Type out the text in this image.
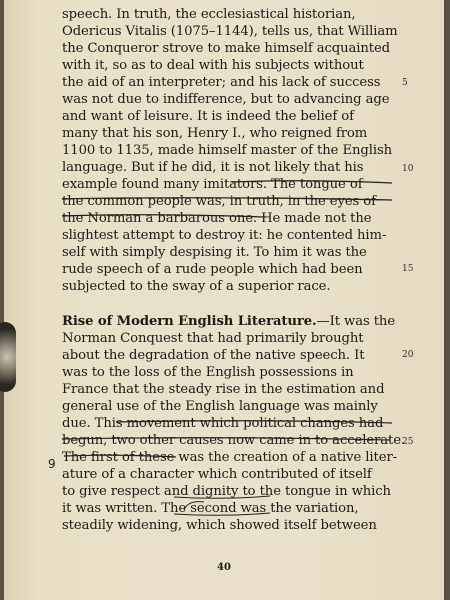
speech. In truth, the ecclesiastical historian,
Odericus Vitalis (1075–1144), tells us, that William
the Conqueror strove to make himself acquainted
with it, so as to deal with his subjects without
the aid of an interpreter; and his lack of success
was not due to indifference, but to advancing age
and want of leisure. It is indeed the belief of
many that his son, Henry I., who reigned from
1100 to 1135, made himself master of the English
language. But if he did, it is not likely that his
example found many imitators. The tongue of
the common people was, in truth, in the eyes of
the Norman a barbarous one. He made not the
slightest attempt to destroy it: he contented him-
self with simply despising it. To him it was the
rude speech of a rude people which had been
subjected to the sway of a superior race.
Norman Conquest that had primarily brought
about the degradation of the native speech. It
was to the loss of the English possessions in
France that the steady rise in the estimation and
general use of the English language was mainly
due. This movement which political changes had
begun, two other causes now came in to accelerate.
The first of these was the creation of a native liter-
ature of a character which contributed of itself
to give respect and dignity to the tongue in which
it was written. The second was the variation,
steadily widening, which showed itself between
Rise of Modern English Literature.—It was the
5
10
15
20
25
9
40
